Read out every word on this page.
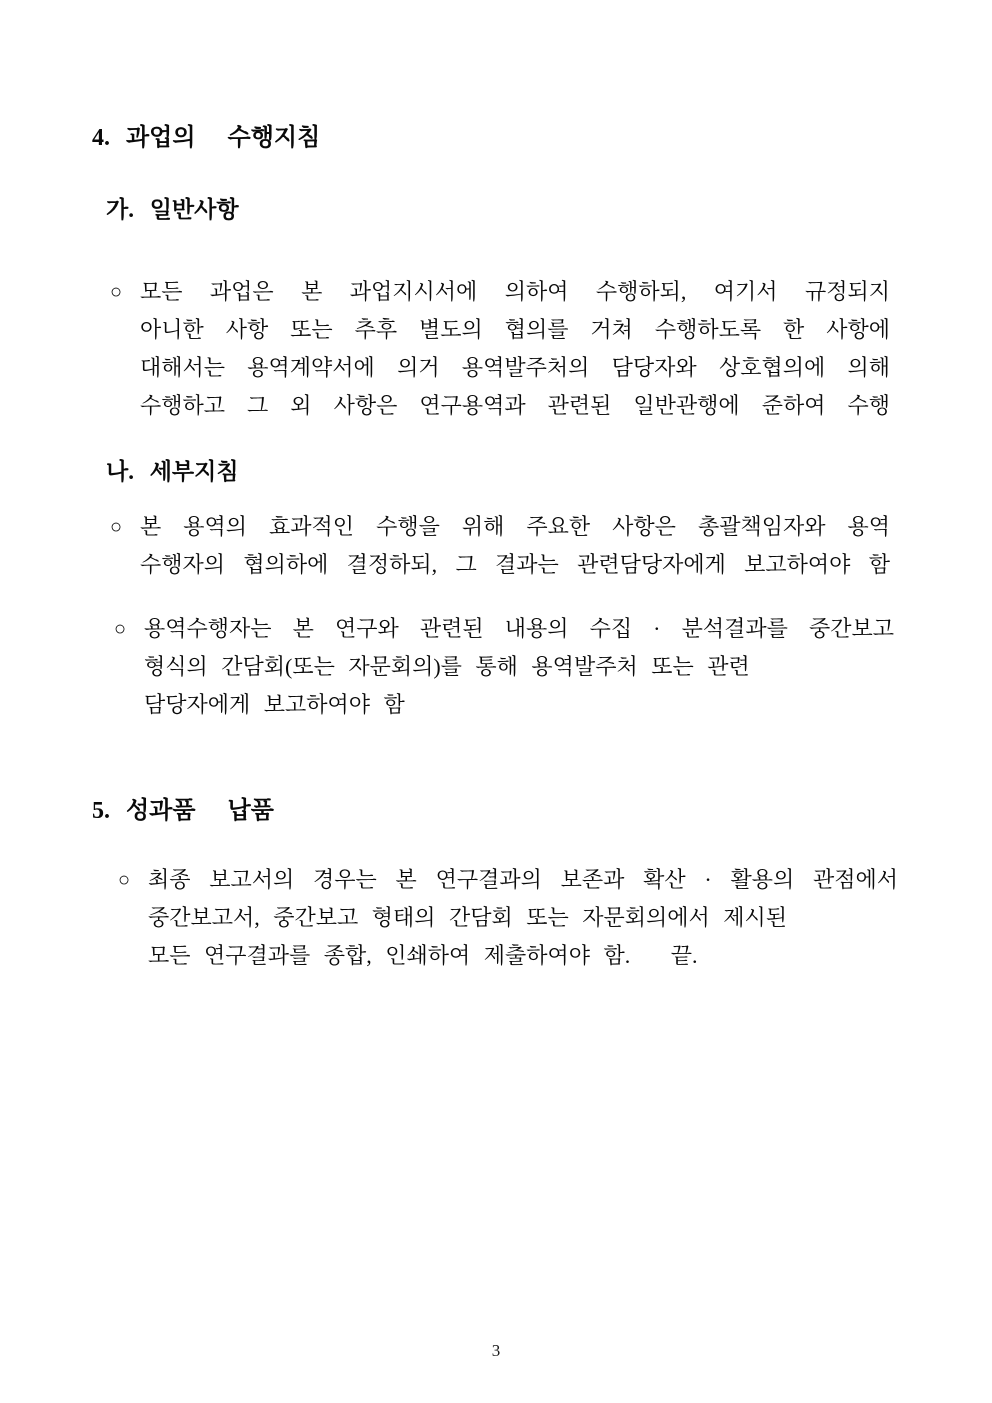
4. 과업의  수행지침
가. 일반사항
○ 모든 과업은 본 과업지시서에 의하여 수행하되, 여기서 규정되지
아니한 사항 또는 추후 별도의 협의를 거쳐 수행하도록 한 사항에
대해서는 용역계약서에 의거 용역발주처의 담당자와 상호협의에 의해
수행하고 그 외 사항은 연구용역과 관련된 일반관행에 준하여 수행
나. 세부지침
○ 본 용역의 효과적인 수행을 위해 주요한 사항은 총괄책임자와 용역
수행자의 협의하에 결정하되, 그 결과는 관련담당자에게 보고하여야 함
○ 용역수행자는 본 연구와 관련된 내용의 수집 · 분석결과를 중간보고
형식의 간담회(또는 자문회의)를 통해 용역발주처 또는 관련
담당자에게 보고하여야 함
5. 성과품  납품
○ 최종 보고서의 경우는 본 연구결과의 보존과 확산 · 활용의 관점에서
중간보고서, 중간보고 형태의 간담회 또는 자문회의에서 제시된
모든 연구결과를 종합, 인쇄하여 제출하여야 함.   끝.
3
